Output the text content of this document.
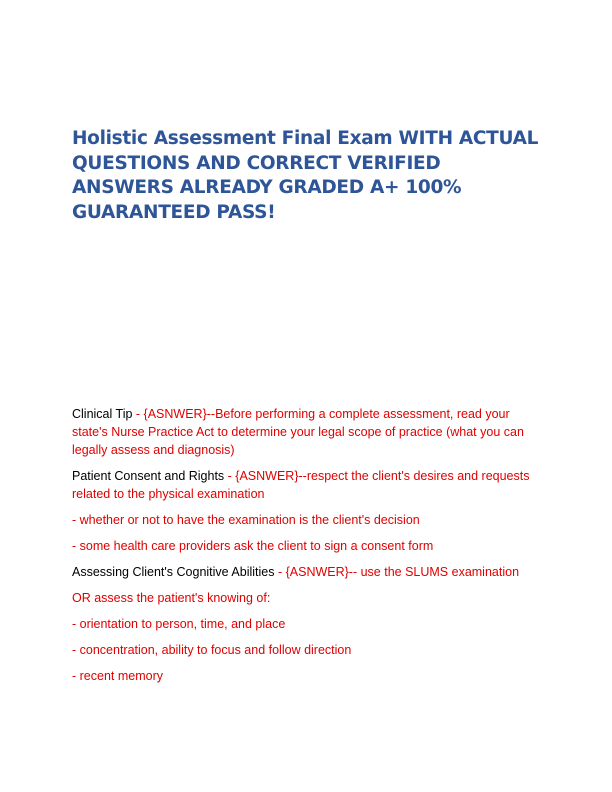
Holistic Assessment Final Exam WITH ACTUAL QUESTIONS AND CORRECT VERIFIED ANSWERS ALREADY GRADED A+ 100% GUARANTEED PASS!

Clinical Tip - {ASNWER}--Before performing a complete assessment, read your state's Nurse Practice Act to determine your legal scope of practice (what you can legally assess and diagnosis)

Patient Consent and Rights - {ASNWER}--respect the client's desires and requests related to the physical examination

- whether or not to have the examination is the client's decision

- some health care providers ask the client to sign a consent form

Assessing Client's Cognitive Abilities - {ASNWER}-- use the SLUMS examination

OR assess the patient's knowing of:

- orientation to person, time, and place

- concentration, ability to focus and follow direction

- recent memory
